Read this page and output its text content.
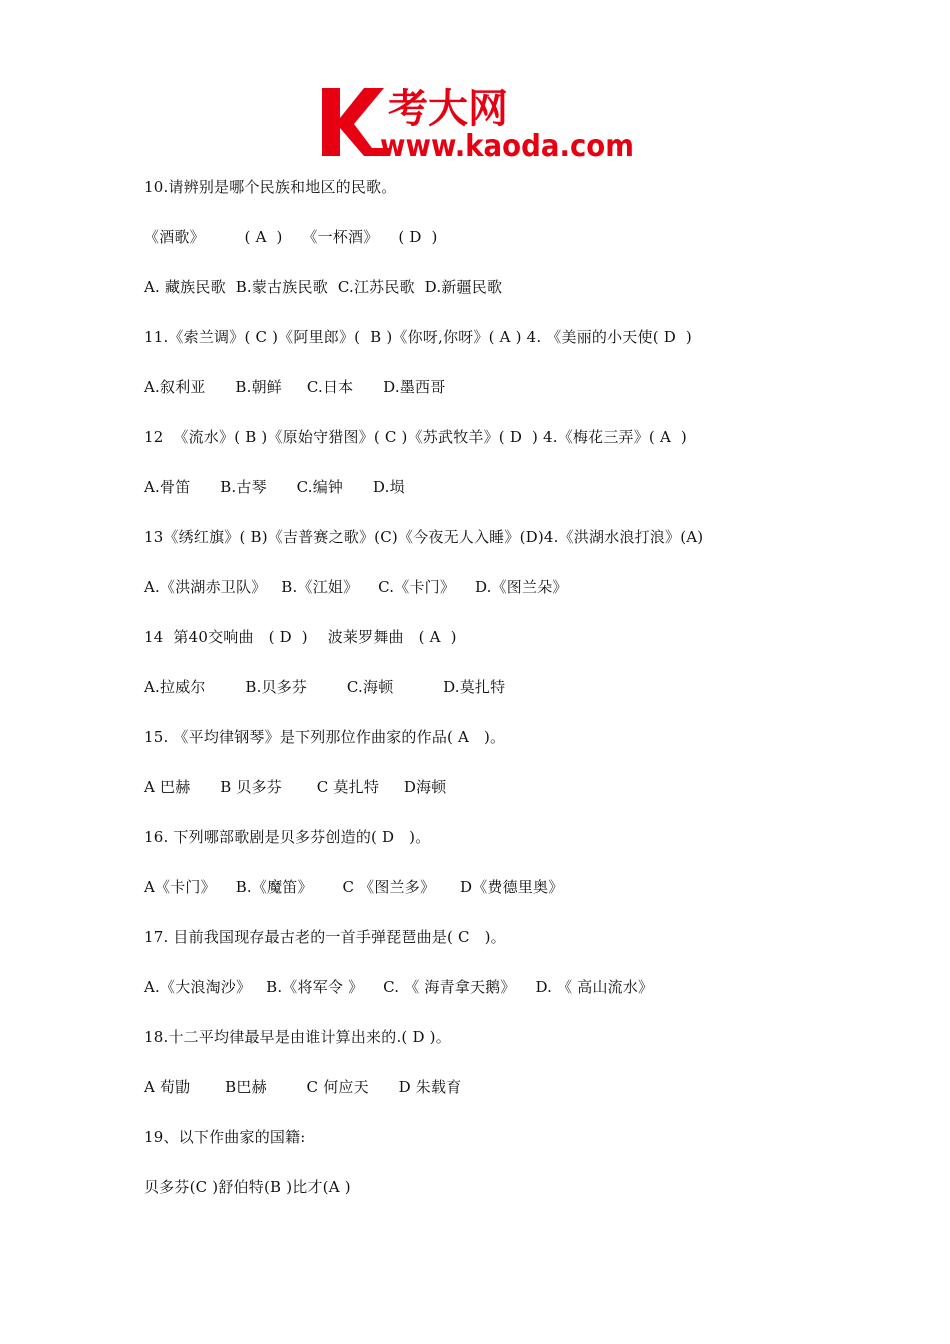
考大网
www.kaoda.com
10.请辨别是哪个民族和地区的民歌。
《酒歌》        ( A  )    《一杯酒》    ( D  )
A. 藏族民歌  B.蒙古族民歌  C.江苏民歌  D.新疆民歌
11.《索兰调》( C )《阿里郎》(  B )《你呀,你呀》( A ) 4. 《美丽的小天使( D  )
A.叙利亚      B.朝鲜     C.日本      D.墨西哥
12  《流水》( B )《原始守猎图》( C )《苏武牧羊》( D  ) 4.《梅花三弄》( A  )
A.骨笛      B.古琴      C.编钟      D.埙
13《绣红旗》( B)《吉普赛之歌》(C)《今夜无人入睡》(D)4.《洪湖水浪打浪》(A)
A.《洪湖赤卫队》   B.《江姐》    C.《卡门》    D.《图兰朵》
14  第40交响曲   ( D  )    波莱罗舞曲   ( A  )
A.拉威尔        B.贝多芬        C.海顿          D.莫扎特
15. 《平均律钢琴》是下列那位作曲家的作品( A   )。
A 巴赫      B 贝多芬       C 莫扎特     D海顿
16. 下列哪部歌剧是贝多芬创造的( D   )。
A《卡门》    B.《魔笛》      C 《图兰多》     D《费德里奥》
17. 目前我国现存最古老的一首手弹琵琶曲是( C   )。
A.《大浪淘沙》   B.《将军令 》    C. 《 海青拿天鹅》    D. 《 高山流水》
18.十二平均律最早是由谁计算出来的.( D )。
A 荀勖       B巴赫        C 何应天      D 朱载育
19、以下作曲家的国籍:
贝多芬(C )舒伯特(B )比才(A )
